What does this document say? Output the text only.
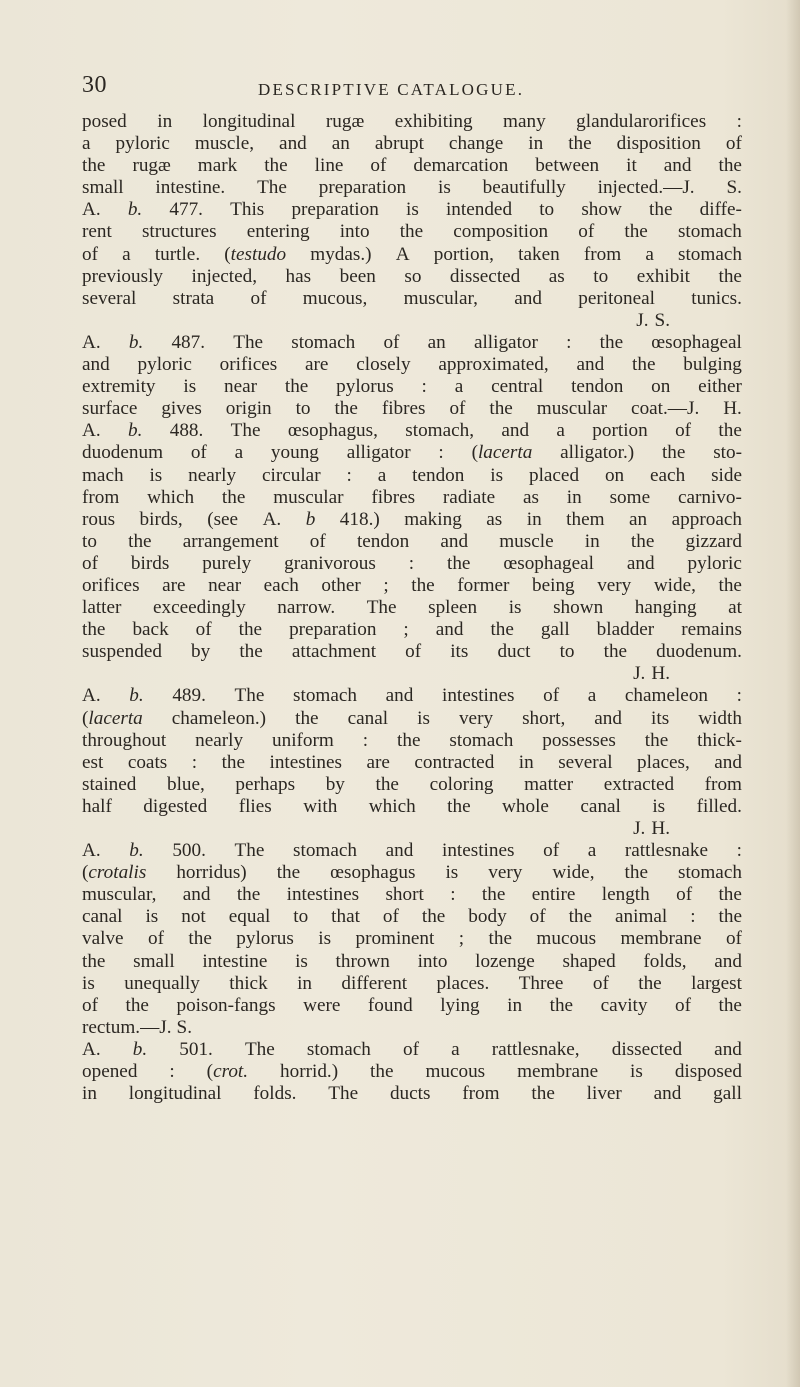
30	DESCRIPTIVE CATALOGUE.
posed in longitudinal rugæ exhibiting many glandularorifices :
a pyloric muscle, and an abrupt change in the disposition of
the rugæ mark the line of demarcation between it and the
small intestine. The preparation is beautifully injected.—J. S.
A. b. 477. This preparation is intended to show the diffe-
rent structures entering into the composition of the stomach
of a turtle. (testudo mydas.) A portion, taken from a stomach
previously injected, has been so dissected as to exhibit the
several strata of mucous, muscular, and peritoneal tunics.
J. S.
A. b. 487. The stomach of an alligator : the œsophageal
and pyloric orifices are closely approximated, and the bulging
extremity is near the pylorus : a central tendon on either
surface gives origin to the fibres of the muscular coat.—J. H.
A. b. 488. The œsophagus, stomach, and a portion of the
duodenum of a young alligator : (lacerta alligator.) the sto-
mach is nearly circular : a tendon is placed on each side
from which the muscular fibres radiate as in some carnivo-
rous birds, (see A. b 418.) making as in them an approach
to the arrangement of tendon and muscle in the gizzard
of birds purely granivorous : the œsophageal and pyloric
orifices are near each other ; the former being very wide, the
latter exceedingly narrow. The spleen is shown hanging at
the back of the preparation ; and the gall bladder remains
suspended by the attachment of its duct to the duodenum.
J. H.
A. b. 489. The stomach and intestines of a chameleon :
(lacerta chameleon.) the canal is very short, and its width
throughout nearly uniform : the stomach possesses the thick-
est coats : the intestines are contracted in several places, and
stained blue, perhaps by the coloring matter extracted from
half digested flies with which the whole canal is filled.
J. H.
A. b. 500. The stomach and intestines of a rattlesnake :
(crotalis horridus) the œsophagus is very wide, the stomach
muscular, and the intestines short : the entire length of the
canal is not equal to that of the body of the animal : the
valve of the pylorus is prominent ; the mucous membrane of
the small intestine is thrown into lozenge shaped folds, and
is unequally thick in different places. Three of the largest
of the poison-fangs were found lying in the cavity of the
rectum.—J. S.
A. b. 501. The stomach of a rattlesnake, dissected and
opened : (crot. horrid.) the mucous membrane is disposed
in longitudinal folds. The ducts from the liver and gall
